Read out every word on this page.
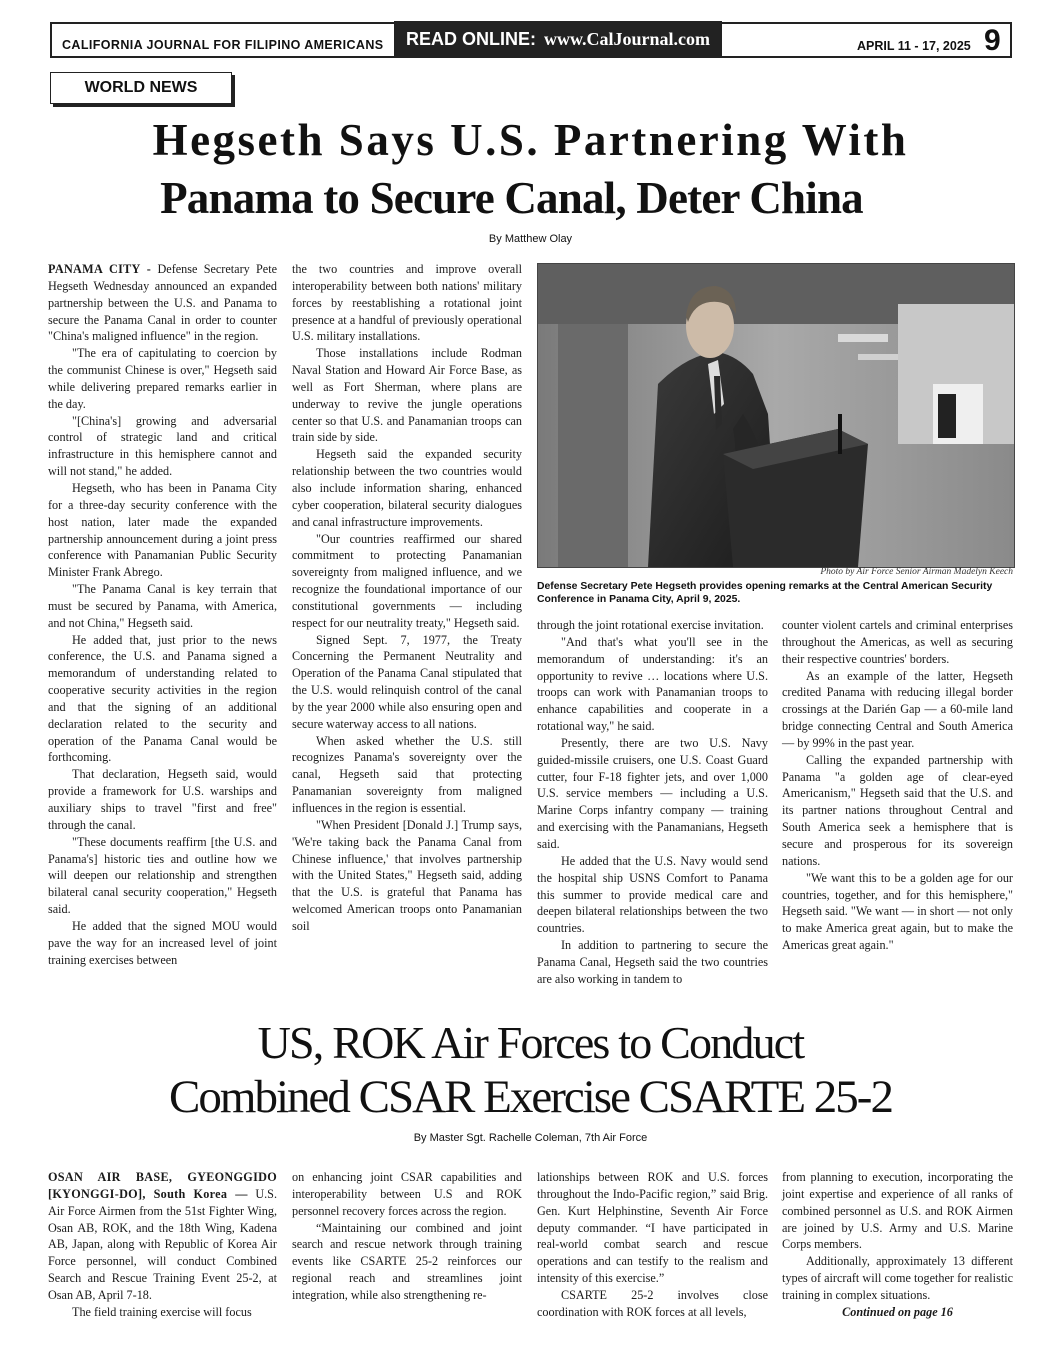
CALIFORNIA JOURNAL FOR FILIPINO AMERICANS READ ONLINE: www.CalJournal.com	APRIL 11 - 17, 2025 9
WORLD NEWS
Hegseth Says U.S. Partnering With
Panama to Secure Canal, Deter China
By Matthew Olay

PANAMA CITY - Defense Secretary Pete Hegseth Wednesday announced an expanded partnership between the U.S. and Panama to secure the Panama Canal in order to counter "China's maligned influence" in the region.

"The era of capitulating to coercion by the communist Chinese is over," Hegseth said while delivering prepared remarks earlier in the day.

"[China's] growing and adversarial control of strategic land and critical infrastructure in this hemisphere cannot and will not stand," he added.

Hegseth, who has been in Panama City for a three-day security conference with the host nation, later made the expanded partnership announcement during a joint press conference with Panamanian Public Security Minister Frank Abrego.

"The Panama Canal is key terrain that must be secured by Panama, with America, and not China," Hegseth said.

He added that, just prior to the news conference, the U.S. and Panama signed a memorandum of understanding related to cooperative security activities in the region and that the signing of an additional declaration related to the security and operation of the Panama Canal would be forthcoming.

That declaration, Hegseth said, would provide a framework for U.S. warships and auxiliary ships to travel "first and free" through the canal.

"These documents reaffirm [the U.S. and Panama's] historic ties and outline how we will deepen our relationship and strengthen bilateral canal security cooperation," Hegseth said.

He added that the signed MOU would pave the way for an increased level of joint training exercises between

the two countries and improve overall interoperability between both nations' military forces by reestablishing a rotational joint presence at a handful of previously operational U.S. military installations.

Those installations include Rodman Naval Station and Howard Air Force Base, as well as Fort Sherman, where plans are underway to revive the jungle operations center so that U.S. and Panamanian troops can train side by side.

Hegseth said the expanded security relationship between the two countries would also include information sharing, enhanced cyber cooperation, bilateral security dialogues and canal infrastructure improvements.

"Our countries reaffirmed our shared commitment to protecting Panamanian sovereignty from maligned influence, and we recognize the foundational importance of our constitutional governments — including respect for our neutrality treaty," Hegseth said.

Signed Sept. 7, 1977, the Treaty Concerning the Permanent Neutrality and Operation of the Panama Canal stipulated that the U.S. would relinquish control of the canal by the year 2000 while also ensuring open and secure waterway access to all nations.

When asked whether the U.S. still recognizes Panama's sovereignty over the canal, Hegseth said that protecting Panamanian sovereignty from maligned influences in the region is essential.

"When President [Donald J.] Trump says, 'We're taking back the Panama Canal from Chinese influence,' that involves partnership with the United States," Hegseth said, adding that the U.S. is grateful that Panama has welcomed American troops onto Panamanian soil

Photo by Air Force Senior Airman Madelyn Keech
Defense Secretary Pete Hegseth provides opening remarks at the Central American Security Conference in Panama City, April 9, 2025.

through the joint rotational exercise invitation.

"And that's what you'll see in the memorandum of understanding: it's an opportunity to revive … locations where U.S. troops can work with Panamanian troops to enhance capabilities and cooperate in a rotational way," he said.

Presently, there are two U.S. Navy guided-missile cruisers, one U.S. Coast Guard cutter, four F-18 fighter jets, and over 1,000 U.S. service members — including a U.S. Marine Corps infantry company — training and exercising with the Panamanians, Hegseth said.

He added that the U.S. Navy would send the hospital ship USNS Comfort to Panama this summer to provide medical care and deepen bilateral relationships between the two countries.

In addition to partnering to secure the Panama Canal, Hegseth said the two countries are also working in tandem to

counter violent cartels and criminal enterprises throughout the Americas, as well as securing their respective countries' borders.

As an example of the latter, Hegseth credited Panama with reducing illegal border crossings at the Darién Gap — a 60-mile land bridge connecting Central and South America — by 99% in the past year.

Calling the expanded partnership with Panama "a golden age of clear-eyed Americanism," Hegseth said that the U.S. and its partner nations throughout Central and South America seek a hemisphere that is secure and prosperous for its sovereign nations.

"We want this to be a golden age for our countries, together, and for this hemisphere," Hegseth said. "We want — in short — not only to make America great again, but to make the Americas great again."

US, ROK Air Forces to Conduct
Combined CSAR Exercise CSARTE 25-2
By Master Sgt. Rachelle Coleman, 7th Air Force

OSAN AIR BASE, GYEONGGIDO [KYONGGI-DO], South Korea — U.S. Air Force Airmen from the 51st Fighter Wing, Osan AB, ROK, and the 18th Wing, Kadena AB, Japan, along with Republic of Korea Air Force personnel, will conduct Combined Search and Rescue Training Event 25-2, at Osan AB, April 7-18.

The field training exercise will focus

on enhancing joint CSAR capabilities and interoperability between U.S and ROK personnel recovery forces across the region.

“Maintaining our combined and joint search and rescue network through training events like CSARTE 25-2 reinforces our regional reach and streamlines joint integration, while also strengthening re-

lationships between ROK and U.S. forces throughout the Indo-Pacific region,” said Brig. Gen. Kurt Helphinstine, Seventh Air Force deputy commander. “I have participated in real-world combat search and rescue operations and can testify to the realism and intensity of this exercise.”

CSARTE 25-2 involves close coordination with ROK forces at all levels,

from planning to execution, incorporating the joint expertise and experience of all ranks of combined personnel as U.S. and ROK Airmen are joined by U.S. Army and U.S. Marine Corps members.

Additionally, approximately 13 different types of aircraft will come together for realistic training in complex situations.

Continued on page 16
